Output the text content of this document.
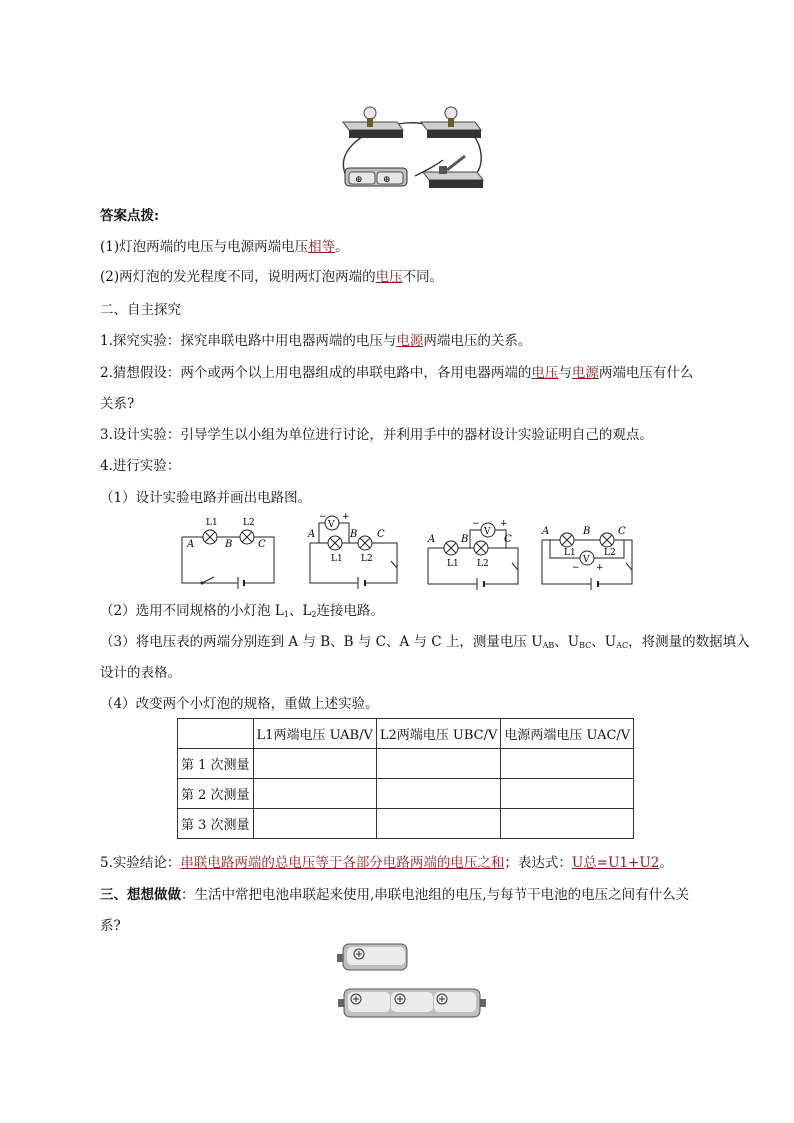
⊕ ⊕
答案点拨:
(1)灯泡两端的电压与电源两端电压相等。
(2)两灯泡的发光程度不同，说明两灯泡两端的电压不同。
二、自主探究
1.探究实验：探究串联电路中用电器两端的电压与电源两端电压的关系。
2.猜想假设：两个或两个以上用电器组成的串联电路中，各用电器两端的电压与电源两端电压有什么
关系?
3.设计实验：引导学生以小组为单位进行讨论，并利用手中的器材设计实验证明自己的观点。
4.进行实验：
（1）设计实验电路并画出电路图。
A	B	C
L1	L2	V
A	B C
L1 L2
− +
V
A	B	C
L1 L2
− +
V
A	B	C
L1	L2
− +
（2）选用不同规格的小灯泡 $L_1$、$L_2$连接电路。
（3）将电压表的两端分别连到 A 与 B、B 与 C、A 与 C 上，测量电压 $U_{AB}$、$U_{BC}$、$U_{AC}$，将测量的数据填入
设计的表格。
（4）改变两个小灯泡的规格，重做上述实验。
	L1两端电压 UAB/V	L2两端电压 UBC/V	电源两端电压 UAC/V
第 1 次测量			
第 2 次测量			
第 3 次测量			
5.实验结论：串联电路两端的总电压等于各部分电路两端的电压之和；表达式：U总=U1+U2。
三、想想做做：生活中常把电池串联起来使用,串联电池组的电压,与每节干电池的电压之间有什么关
系?
